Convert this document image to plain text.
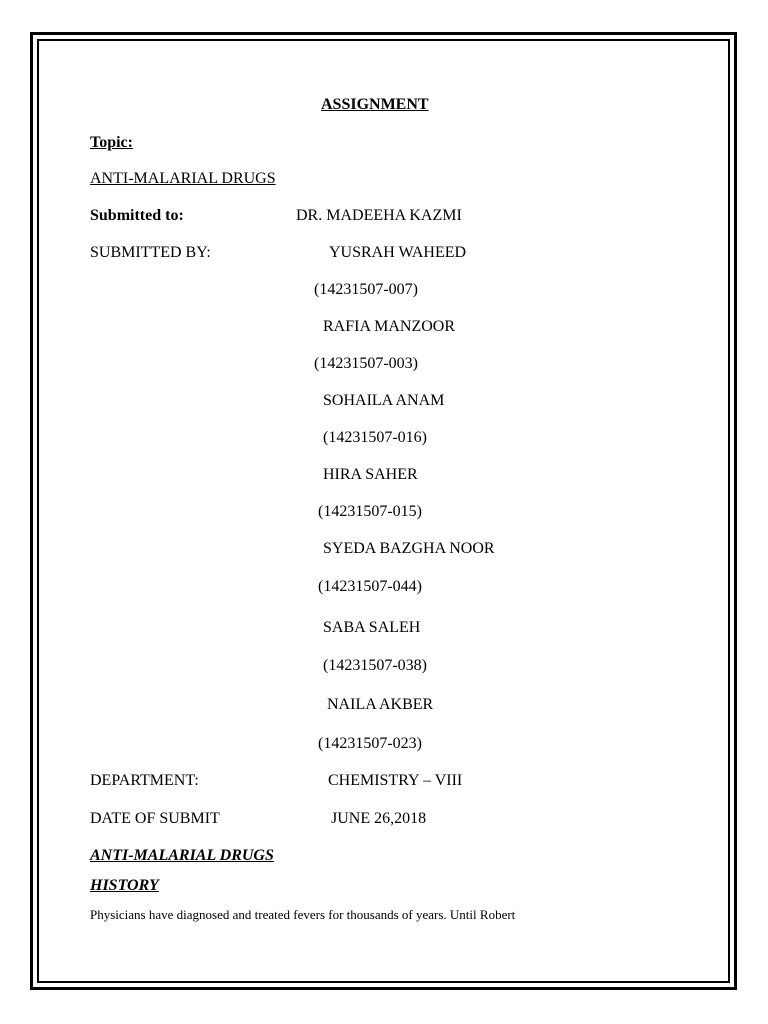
ASSIGNMENT
Topic:
ANTI-MALARIAL DRUGS
Submitted to:	DR. MADEEHA KAZMI
SUBMITTED BY:	YUSRAH WAHEED
(14231507-007)
RAFIA MANZOOR
(14231507-003)
SOHAILA ANAM
(14231507-016)
HIRA SAHER
(14231507-015)
SYEDA BAZGHA NOOR
(14231507-044)
SABA SALEH
(14231507-038)
NAILA AKBER
(14231507-023)
DEPARTMENT:	CHEMISTRY – VIII
DATE OF SUBMIT	JUNE 26,2018
ANTI-MALARIAL DRUGS
HISTORY
Physicians have diagnosed and treated fevers for thousands of years. Until Robert
